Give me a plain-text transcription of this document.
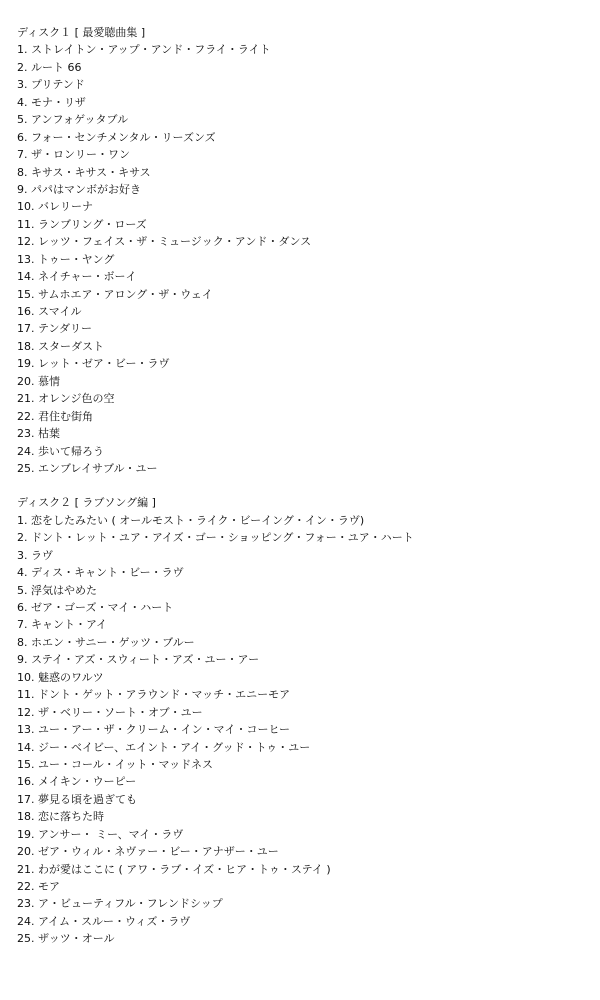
ディスク１ [ 最愛聴曲集 ]
1. ストレイトン・アップ・アンド・フライ・ライト
2. ルート 66
3. プリテンド
4. モナ・リザ
5. アンフォゲッタブル
6. フォー・センチメンタル・リーズンズ
7. ザ・ロンリー・ワン
8. キサス・キサス・キサス
9. パパはマンボがお好き
10. バレリーナ
11. ランブリング・ローズ
12. レッツ・フェイス・ザ・ミュージック・アンド・ダンス
13. トゥー・ヤング
14. ネイチャー・ボーイ
15. サムホエア・アロング・ザ・ウェイ
16. スマイル
17. テンダリー
18. スターダスト
19. レット・ゼア・ビー・ラヴ
20. 慕情
21. オレンジ色の空
22. 君住む街角
23. 枯葉
24. 歩いて帰ろう
25. エンブレイサブル・ユー
ディスク２ [ ラブソング編 ]
1. 恋をしたみたい ( オールモスト・ライク・ビーイング・イン・ラヴ)
2. ドント・レット・ユア・アイズ・ゴー・ショッピング・フォー・ユア・ハート
3. ラヴ
4. ディス・キャント・ビー・ラヴ
5. 浮気はやめた
6. ゼア・ゴーズ・マイ・ハート
7. キャント・アイ
8. ホエン・サニー・ゲッツ・ブルー
9. ステイ・アズ・スウィート・アズ・ユー・アー
10. 魅惑のワルツ
11. ドント・ゲット・アラウンド・マッチ・エニーモア
12. ザ・ベリー・ソート・オブ・ユー
13. ユー・アー・ザ・クリーム・イン・マイ・コーヒー
14. ジー・ベイビー、エイント・アイ・グッド・トゥ・ユー
15. ユー・コール・イット・マッドネス
16. メイキン・ウーピー
17. 夢見る頃を過ぎても
18. 恋に落ちた時
19. アンサー・ ミー、マイ・ラヴ
20. ゼア・ウィル・ネヴァー・ビー・アナザー・ユー
21. わが愛はここに ( アワ・ラブ・イズ・ヒア・トゥ・ステイ )
22. モア
23. ア・ビューティフル・フレンドシップ
24. アイム・スルー・ウィズ・ラヴ
25. ザッツ・オール
